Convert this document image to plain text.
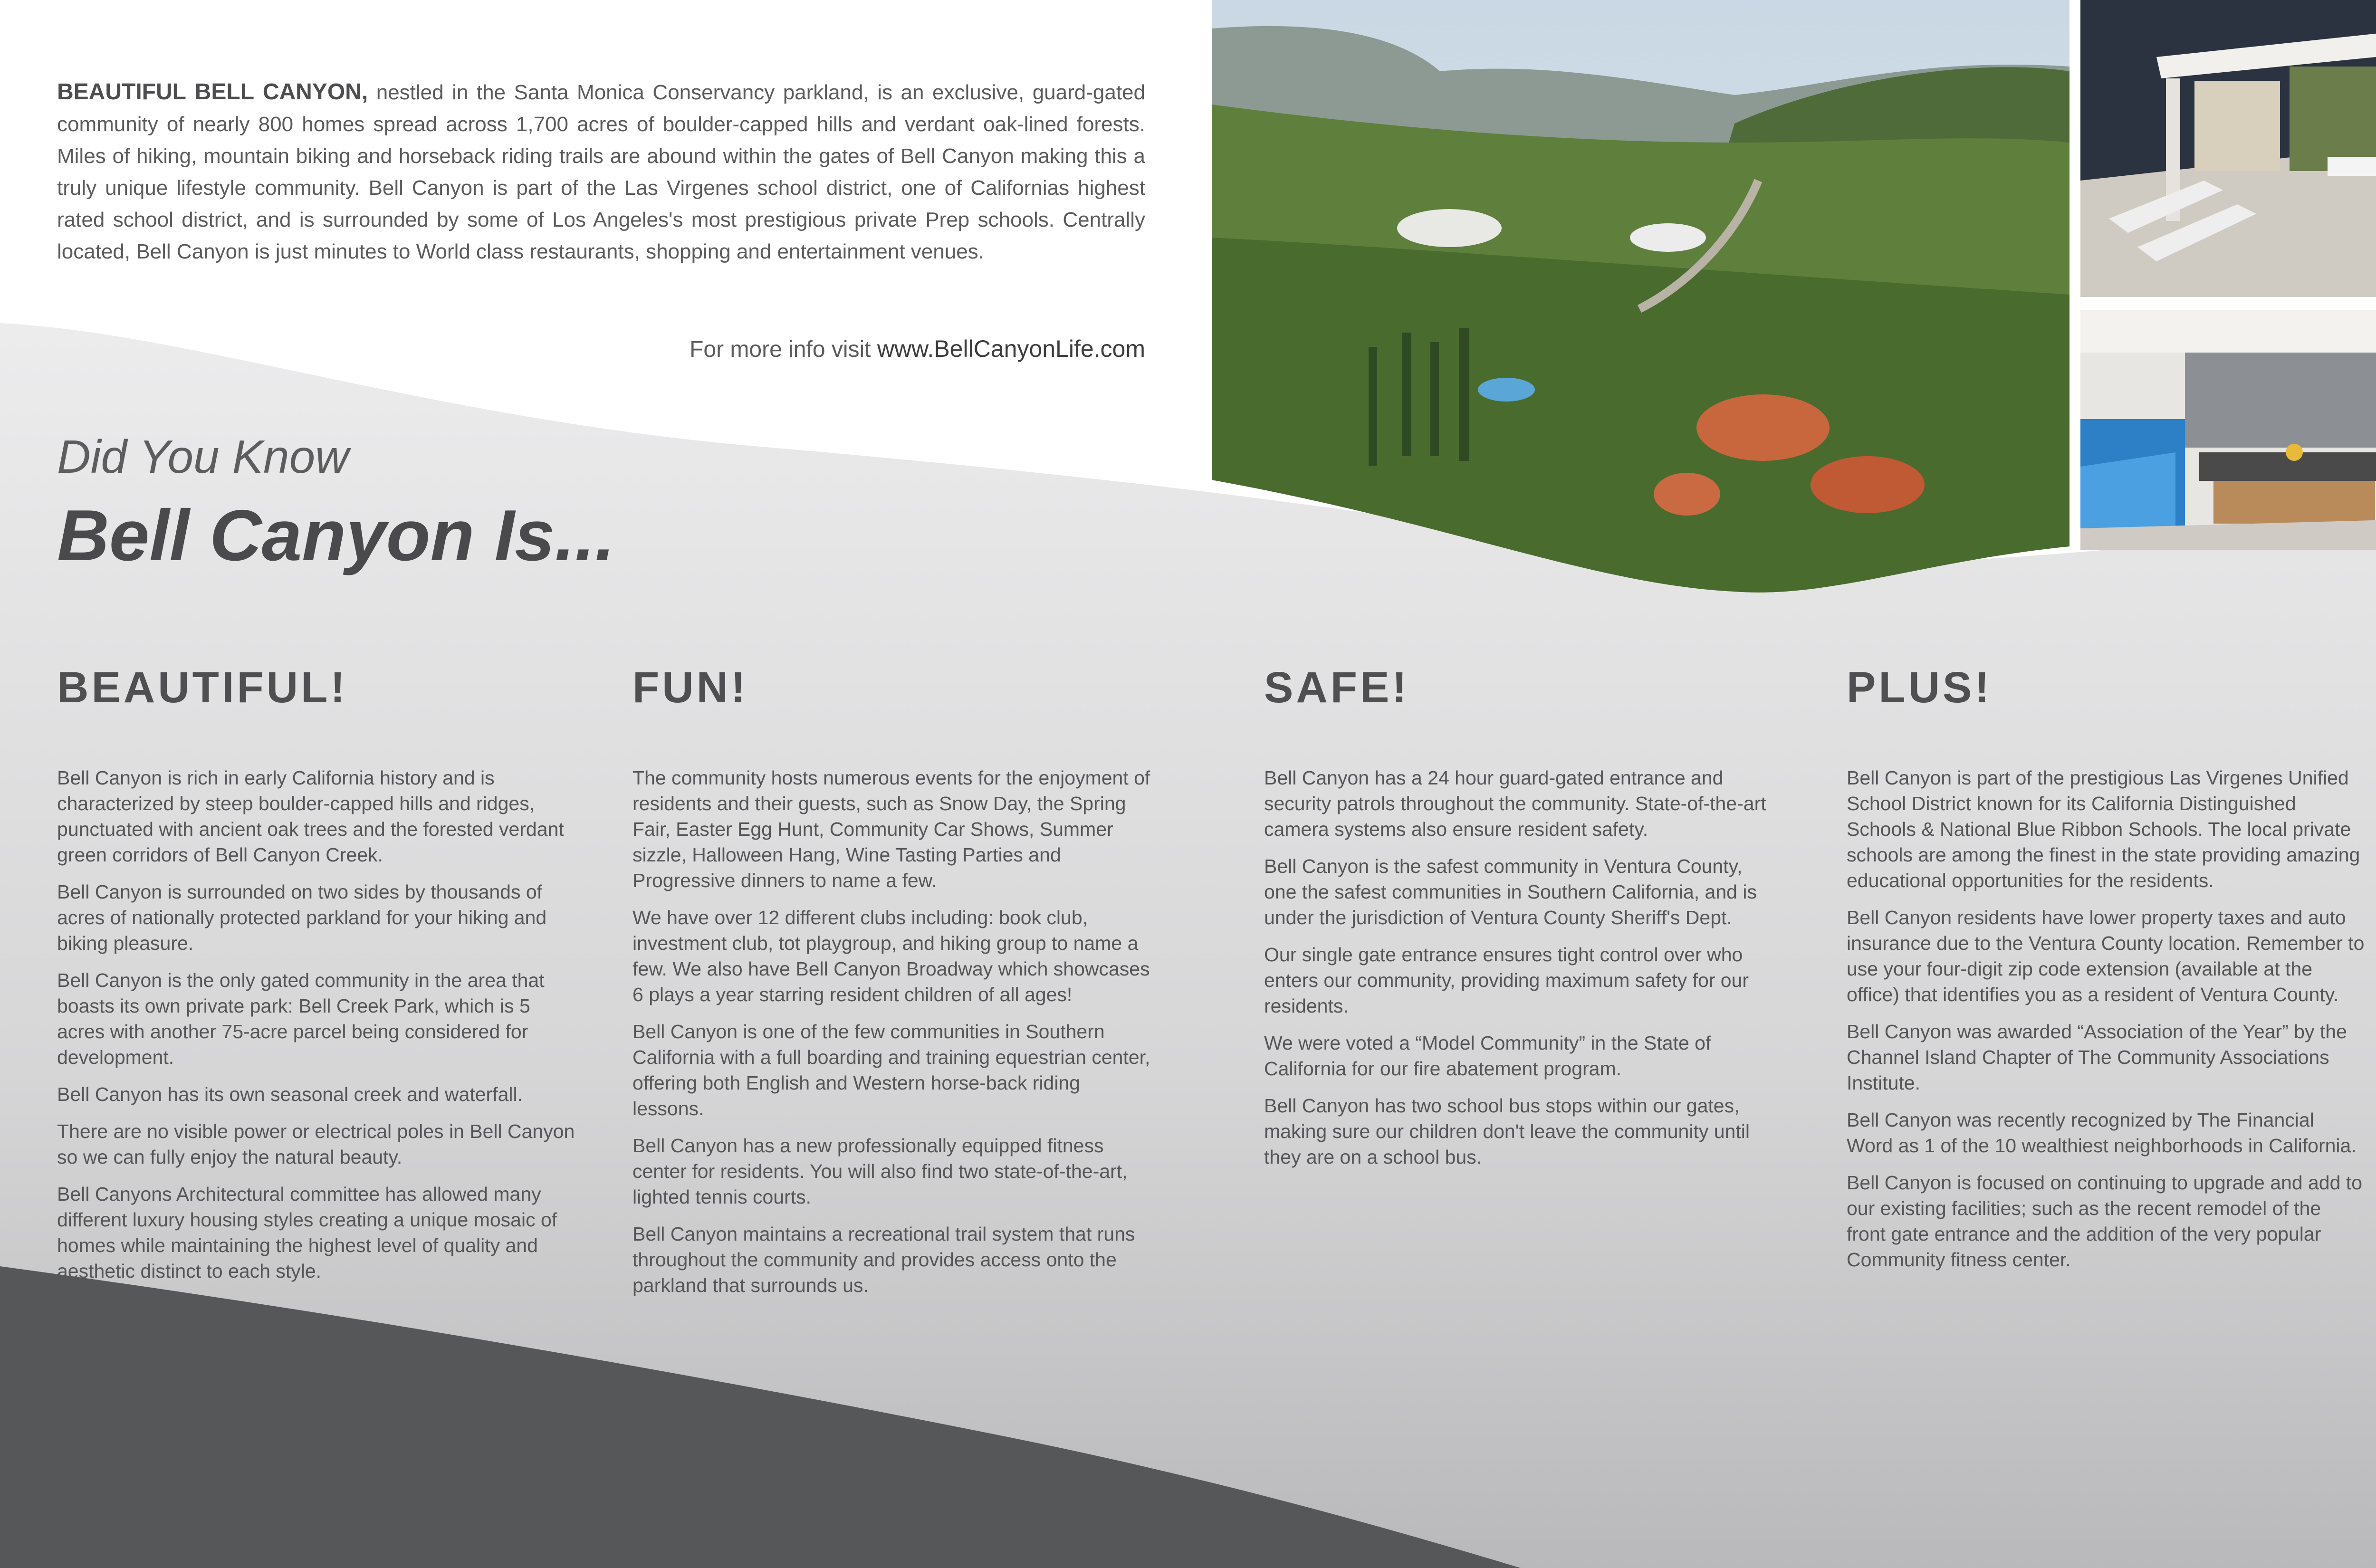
BEAUTIFUL BELL CANYON, nestled in the Santa Monica Conservancy parkland, is an exclusive, guard-gated community of nearly 800 homes spread across 1,700 acres of boulder-capped hills and verdant oak-lined forests. Miles of hiking, mountain biking and horseback riding trails are abound within the gates of Bell Canyon making this a truly unique lifestyle community. Bell Canyon is part of the Las Virgenes school district, one of Californias highest rated school district, and is surrounded by some of Los Angeles's most prestigious private Prep schools. Centrally located, Bell Canyon is just minutes to World class restaurants, shopping and entertainment venues.
For more info visit www.BellCanyonLife.com
Did You Know
Bell Canyon Is...
BEAUTIFUL!

Bell Canyon is rich in early California history and is characterized by steep boulder-capped hills and ridges, punctuated with ancient oak trees and the forested verdant green corridors of Bell Canyon Creek.

Bell Canyon is surrounded on two sides by thousands of acres of nationally protected parkland for your hiking and biking pleasure.

Bell Canyon is the only gated community in the area that boasts its own private park: Bell Creek Park, which is 5 acres with another 75-acre parcel being considered for development.

Bell Canyon has its own seasonal creek and waterfall.

There are no visible power or electrical poles in Bell Canyon so we can fully enjoy the natural beauty.

Bell Canyons Architectural committee has allowed many different luxury housing styles creating a unique mosaic of homes while maintaining the highest level of quality and aesthetic distinct to each style.

FUN!

The community hosts numerous events for the enjoyment of residents and their guests, such as Snow Day, the Spring Fair, Easter Egg Hunt, Community Car Shows, Summer sizzle, Halloween Hang, Wine Tasting Parties and Progressive dinners to name a few.

We have over 12 different clubs including: book club, investment club, tot playgroup, and hiking group to name a few. We also have Bell Canyon Broadway which showcases 6 plays a year starring resident children of all ages!

Bell Canyon is one of the few communities in Southern California with a full boarding and training equestrian center, offering both English and Western horse-back riding lessons.

Bell Canyon has a new professionally equipped fitness center for residents. You will also find two state-of-the-art, lighted tennis courts.

Bell Canyon maintains a recreational trail system that runs throughout the community and provides access onto the parkland that surrounds us.

SAFE!

Bell Canyon has a 24 hour guard-gated entrance and security patrols throughout the community. State-of-the-art camera systems also ensure resident safety.

Bell Canyon is the safest community in Ventura County, one the safest communities in Southern California, and is under the jurisdiction of Ventura County Sheriff's Dept.

Our single gate entrance ensures tight control over who enters our community, providing maximum safety for our residents.

We were voted a “Model Community” in the State of California for our fire abatement program.

Bell Canyon has two school bus stops within our gates, making sure our children don't leave the community until they are on a school bus.

PLUS!

Bell Canyon is part of the prestigious Las Virgenes Unified School District known for its California Distinguished Schools & National Blue Ribbon Schools. The local private schools are among the finest in the state providing amazing educational opportunities for the residents.

Bell Canyon residents have lower property taxes and auto insurance due to the Ventura County location. Remember to use your four-digit zip code extension (available at the office) that identifies you as a resident of Ventura County.

Bell Canyon was awarded “Association of the Year” by the Channel Island Chapter of The Community Associations Institute.

Bell Canyon was recently recognized by The Financial Word as 1 of the 10 wealthiest neighborhoods in California.

Bell Canyon is focused on continuing to upgrade and add to our existing facilities; such as the recent remodel of the front gate entrance and the addition of the very popular Community fitness center.
